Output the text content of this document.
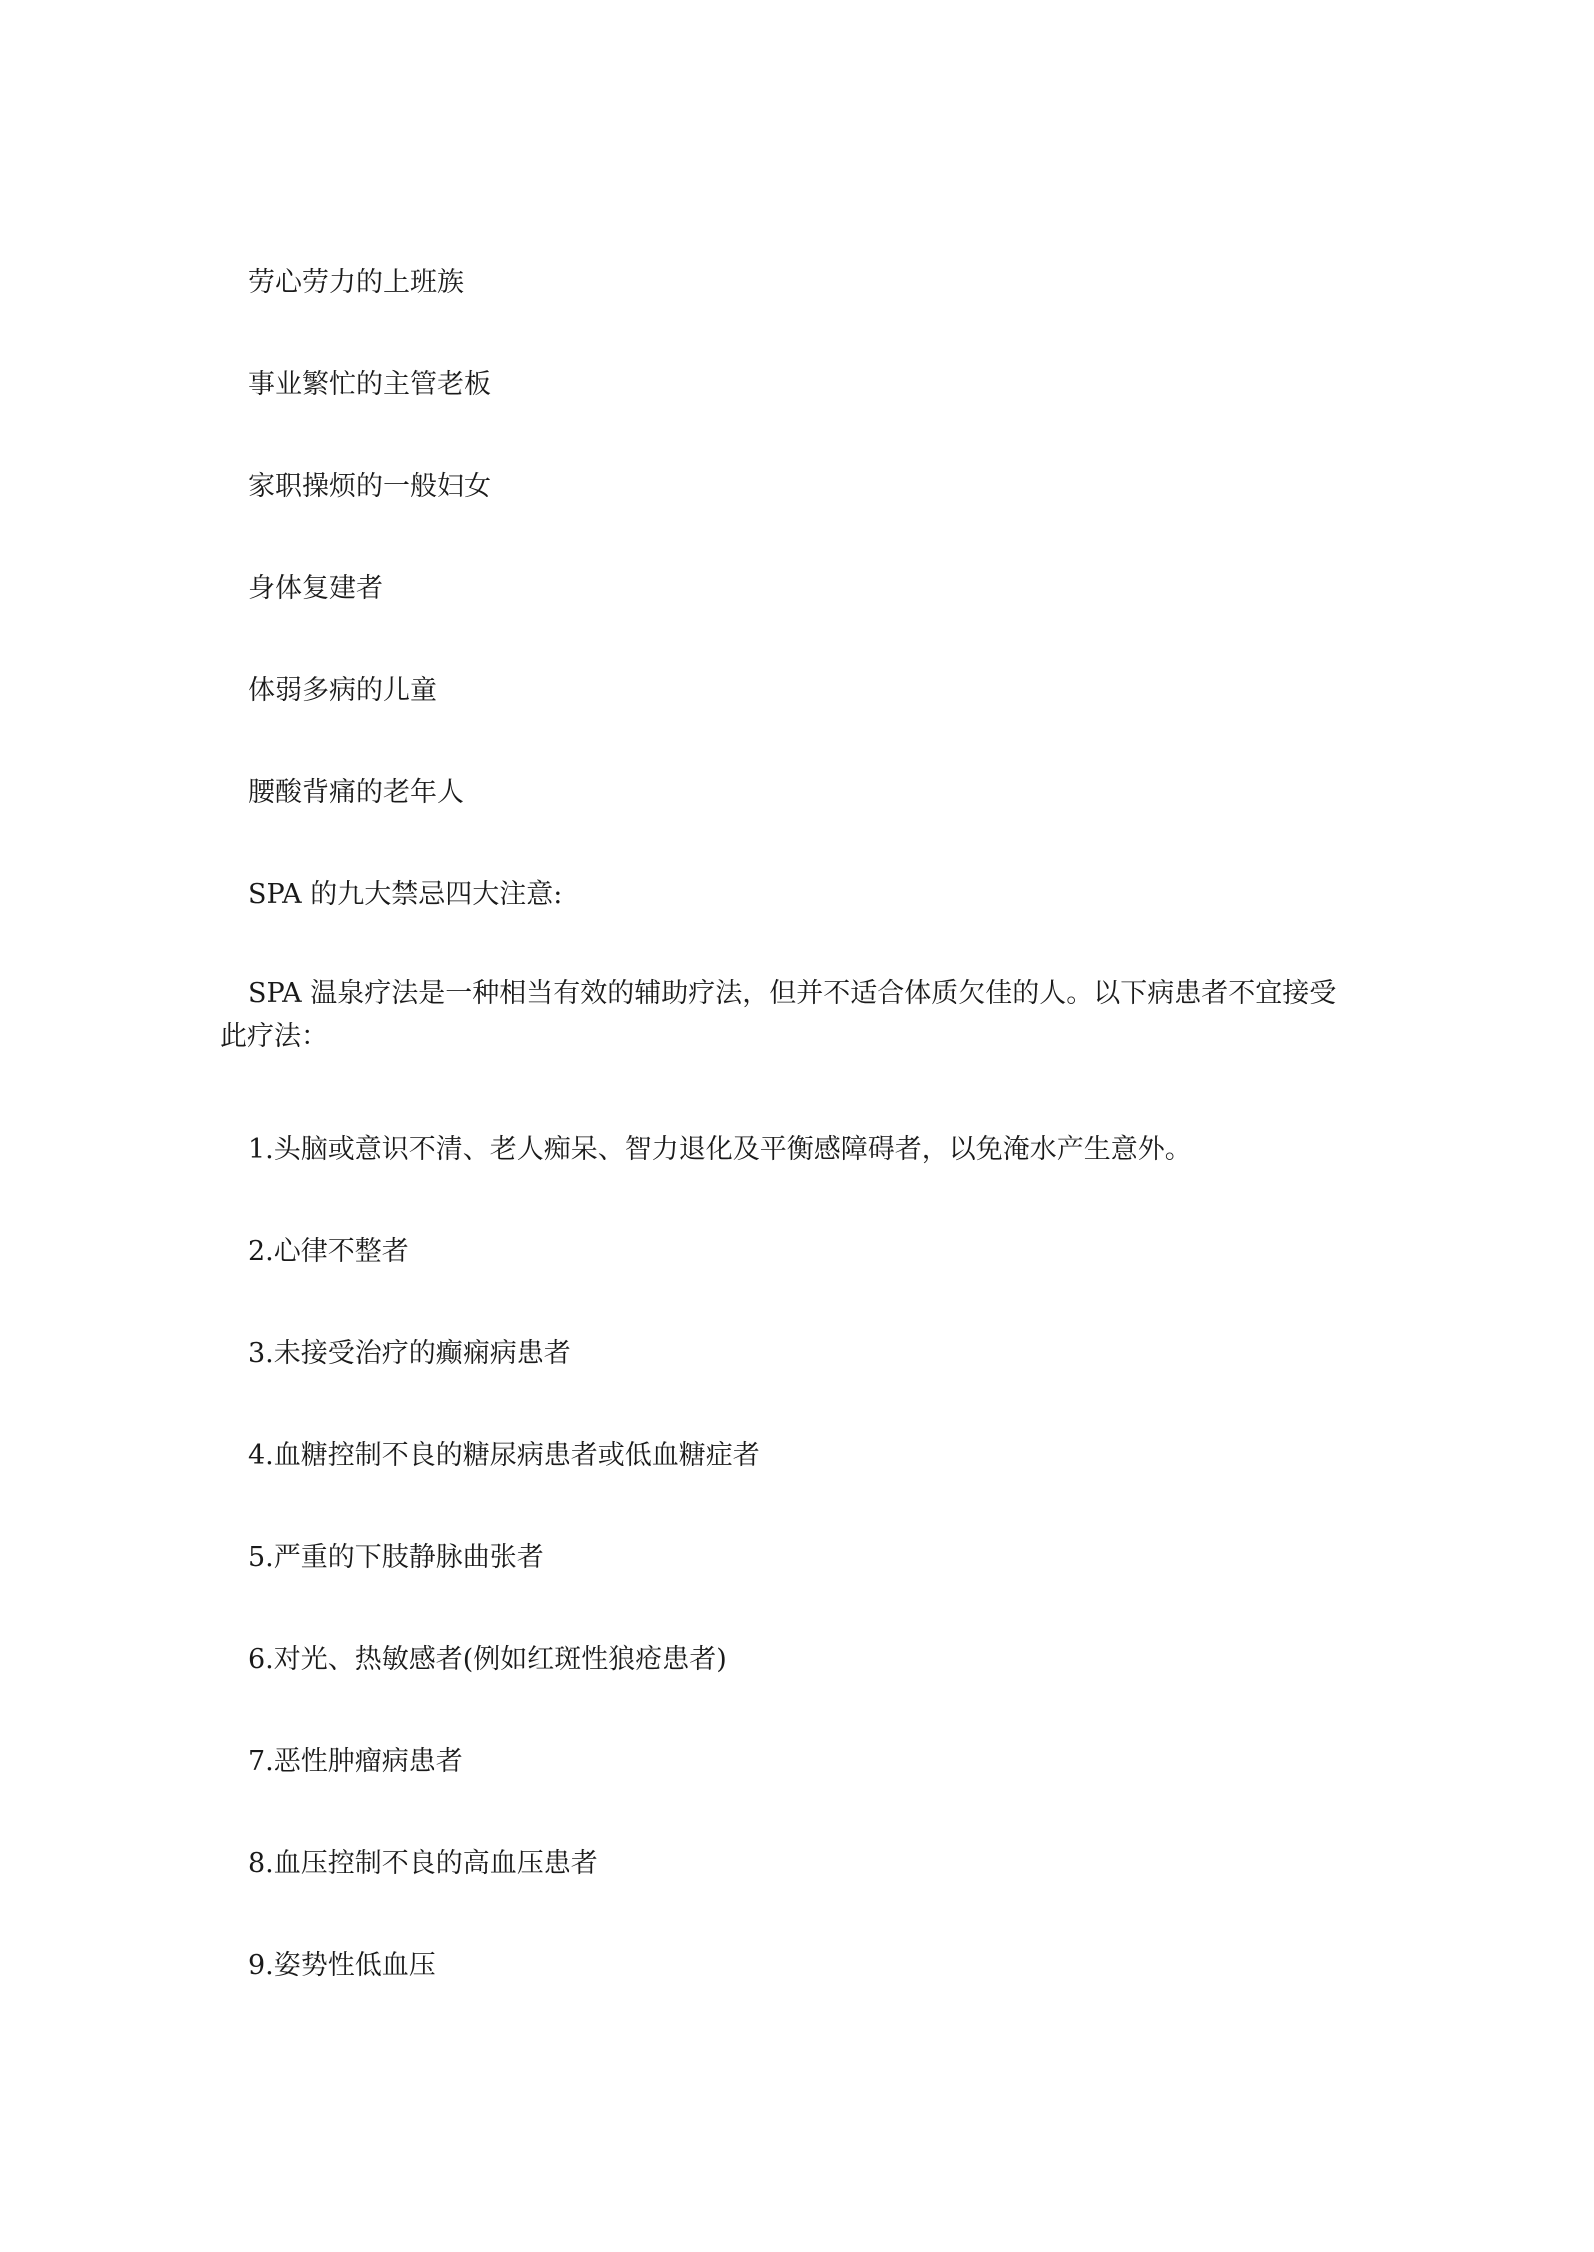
劳心劳力的上班族

事业繁忙的主管老板

家职操烦的一般妇女

身体复建者

体弱多病的儿童

腰酸背痛的老年人

SPA 的九大禁忌四大注意:

SPA 温泉疗法是一种相当有效的辅助疗法，但并不适合体质欠佳的人。以下病患者不宜接受此疗法：

1.头脑或意识不清、老人痴呆、智力退化及平衡感障碍者，以免淹水产生意外。

2.心律不整者

3.未接受治疗的癫痫病患者

4.血糖控制不良的糖尿病患者或低血糖症者

5.严重的下肢静脉曲张者

6.对光、热敏感者(例如红斑性狼疮患者)

7.恶性肿瘤病患者

8.血压控制不良的高血压患者

9.姿势性低血压
